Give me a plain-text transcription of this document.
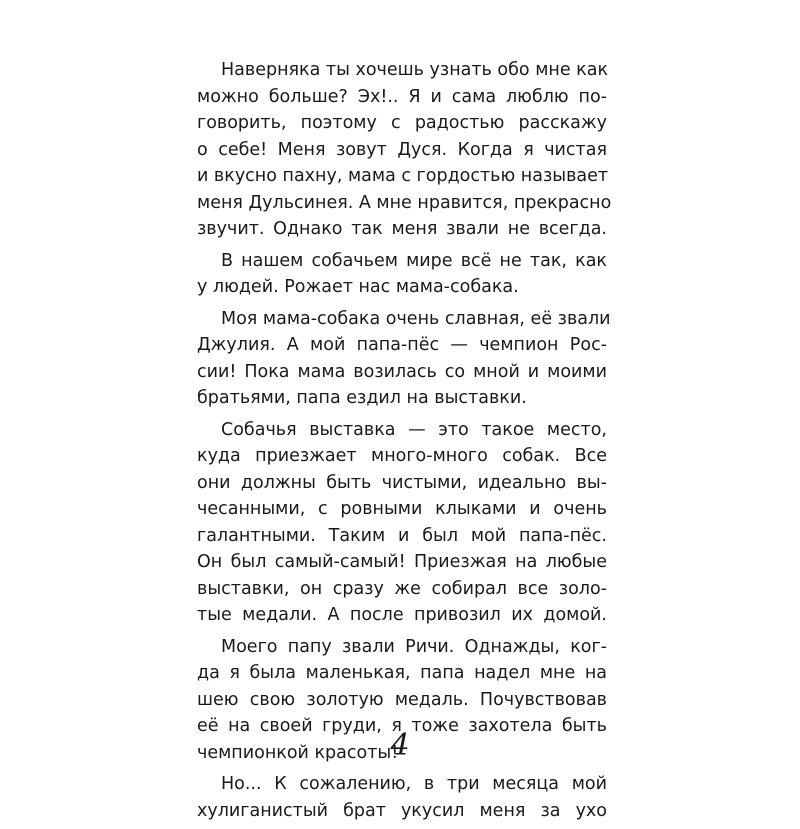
Наверняка ты хочешь узнать обо мне как
можно больше? Эх!.. Я и сама люблю по-
говорить, поэтому с радостью расскажу
о себе! Меня зовут Дуся. Когда я чистая
и вкусно пахну, мама с гордостью называет
меня Дульсинея. А мне нравится, прекрасно
звучит. Однако так меня звали не всегда.

В нашем собачьем мире всё не так, как
у людей. Рожает нас мама-собака.

Моя мама-собака очень славная, её звали
Джулия. А мой папа-пёс — чемпион Рос-
сии! Пока мама возилась со мной и моими
братьями, папа ездил на выставки.

Собачья выставка — это такое место,
куда приезжает много-много собак. Все
они должны быть чистыми, идеально вы-
чесанными, с ровными клыками и очень
галантными. Таким и был мой папа-пёс.
Он был самый-самый! Приезжая на любые
выставки, он сразу же собирал все золо-
тые медали. А после привозил их домой.

Моего папу звали Ричи. Однажды, ког-
да я была маленькая, папа надел мне на
шею свою золотую медаль. Почувствовав
её на своей груди, я тоже захотела быть
чемпионкой красоты!

Но... К сожалению, в три месяца мой
хулиганистый брат укусил меня за ухо

4
